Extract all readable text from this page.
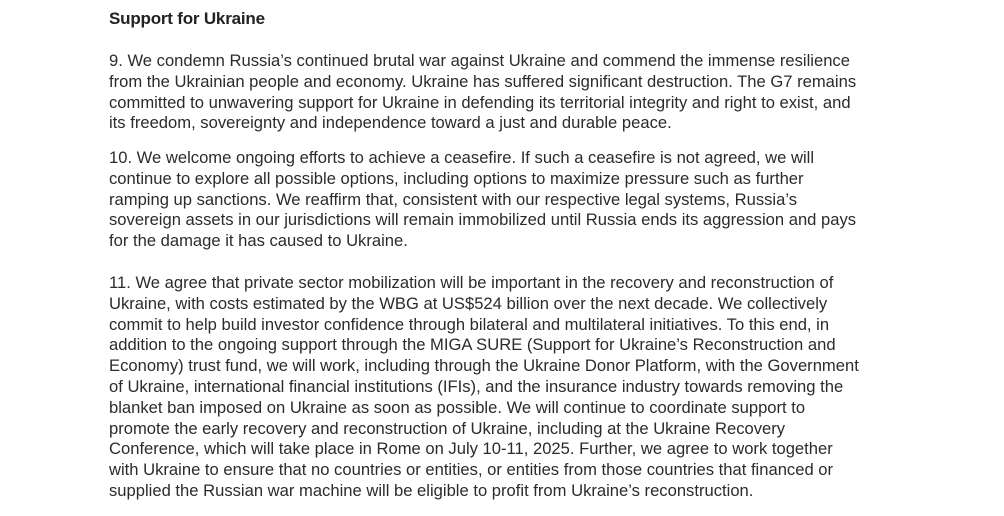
Support for Ukraine

9. We condemn Russia’s continued brutal war against Ukraine and commend the immense resilience
from the Ukrainian people and economy. Ukraine has suffered significant destruction. The G7 remains
committed to unwavering support for Ukraine in defending its territorial integrity and right to exist, and
its freedom, sovereignty and independence toward a just and durable peace.

10. We welcome ongoing efforts to achieve a ceasefire. If such a ceasefire is not agreed, we will
continue to explore all possible options, including options to maximize pressure such as further
ramping up sanctions. We reaffirm that, consistent with our respective legal systems, Russia’s
sovereign assets in our jurisdictions will remain immobilized until Russia ends its aggression and pays
for the damage it has caused to Ukraine.

11. We agree that private sector mobilization will be important in the recovery and reconstruction of
Ukraine, with costs estimated by the WBG at US$524 billion over the next decade. We collectively
commit to help build investor confidence through bilateral and multilateral initiatives. To this end, in
addition to the ongoing support through the MIGA SURE (Support for Ukraine’s Reconstruction and
Economy) trust fund, we will work, including through the Ukraine Donor Platform, with the Government
of Ukraine, international financial institutions (IFIs), and the insurance industry towards removing the
blanket ban imposed on Ukraine as soon as possible. We will continue to coordinate support to
promote the early recovery and reconstruction of Ukraine, including at the Ukraine Recovery
Conference, which will take place in Rome on July 10-11, 2025. Further, we agree to work together
with Ukraine to ensure that no countries or entities, or entities from those countries that financed or
supplied the Russian war machine will be eligible to profit from Ukraine’s reconstruction.
